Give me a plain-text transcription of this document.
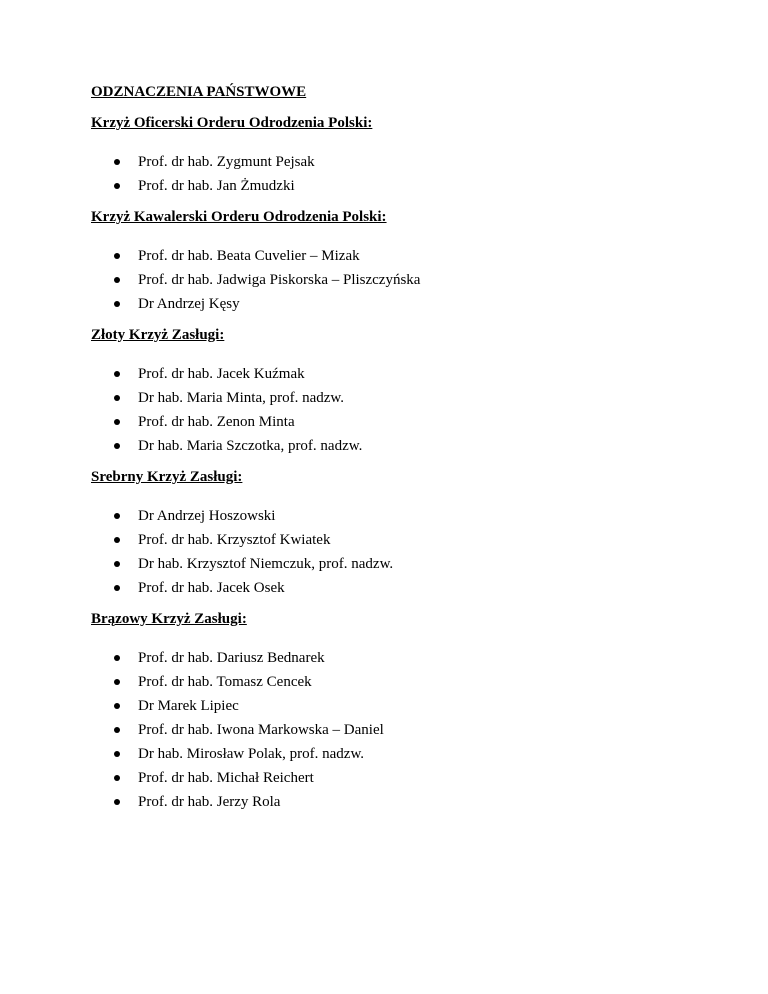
ODZNACZENIA PAŃSTWOWE
Krzyż Oficerski Orderu Odrodzenia Polski:
Prof. dr hab. Zygmunt Pejsak
Prof. dr hab. Jan Żmudzki
Krzyż Kawalerski Orderu Odrodzenia Polski:
Prof. dr hab. Beata Cuvelier – Mizak
Prof. dr hab. Jadwiga Piskorska – Pliszczyńska
Dr Andrzej Kęsy
Złoty Krzyż Zasługi:
Prof. dr hab. Jacek Kuźmak
Dr hab. Maria Minta, prof. nadzw.
Prof. dr hab. Zenon Minta
Dr hab. Maria Szczotka, prof. nadzw.
Srebrny Krzyż Zasługi:
Dr Andrzej Hoszowski
Prof. dr hab. Krzysztof Kwiatek
Dr hab. Krzysztof Niemczuk, prof. nadzw.
Prof. dr hab. Jacek Osek
Brązowy Krzyż Zasługi:
Prof. dr hab. Dariusz Bednarek
Prof. dr hab. Tomasz Cencek
Dr Marek Lipiec
Prof. dr hab. Iwona Markowska – Daniel
Dr hab. Mirosław Polak, prof. nadzw.
Prof. dr hab. Michał Reichert
Prof. dr hab. Jerzy Rola
